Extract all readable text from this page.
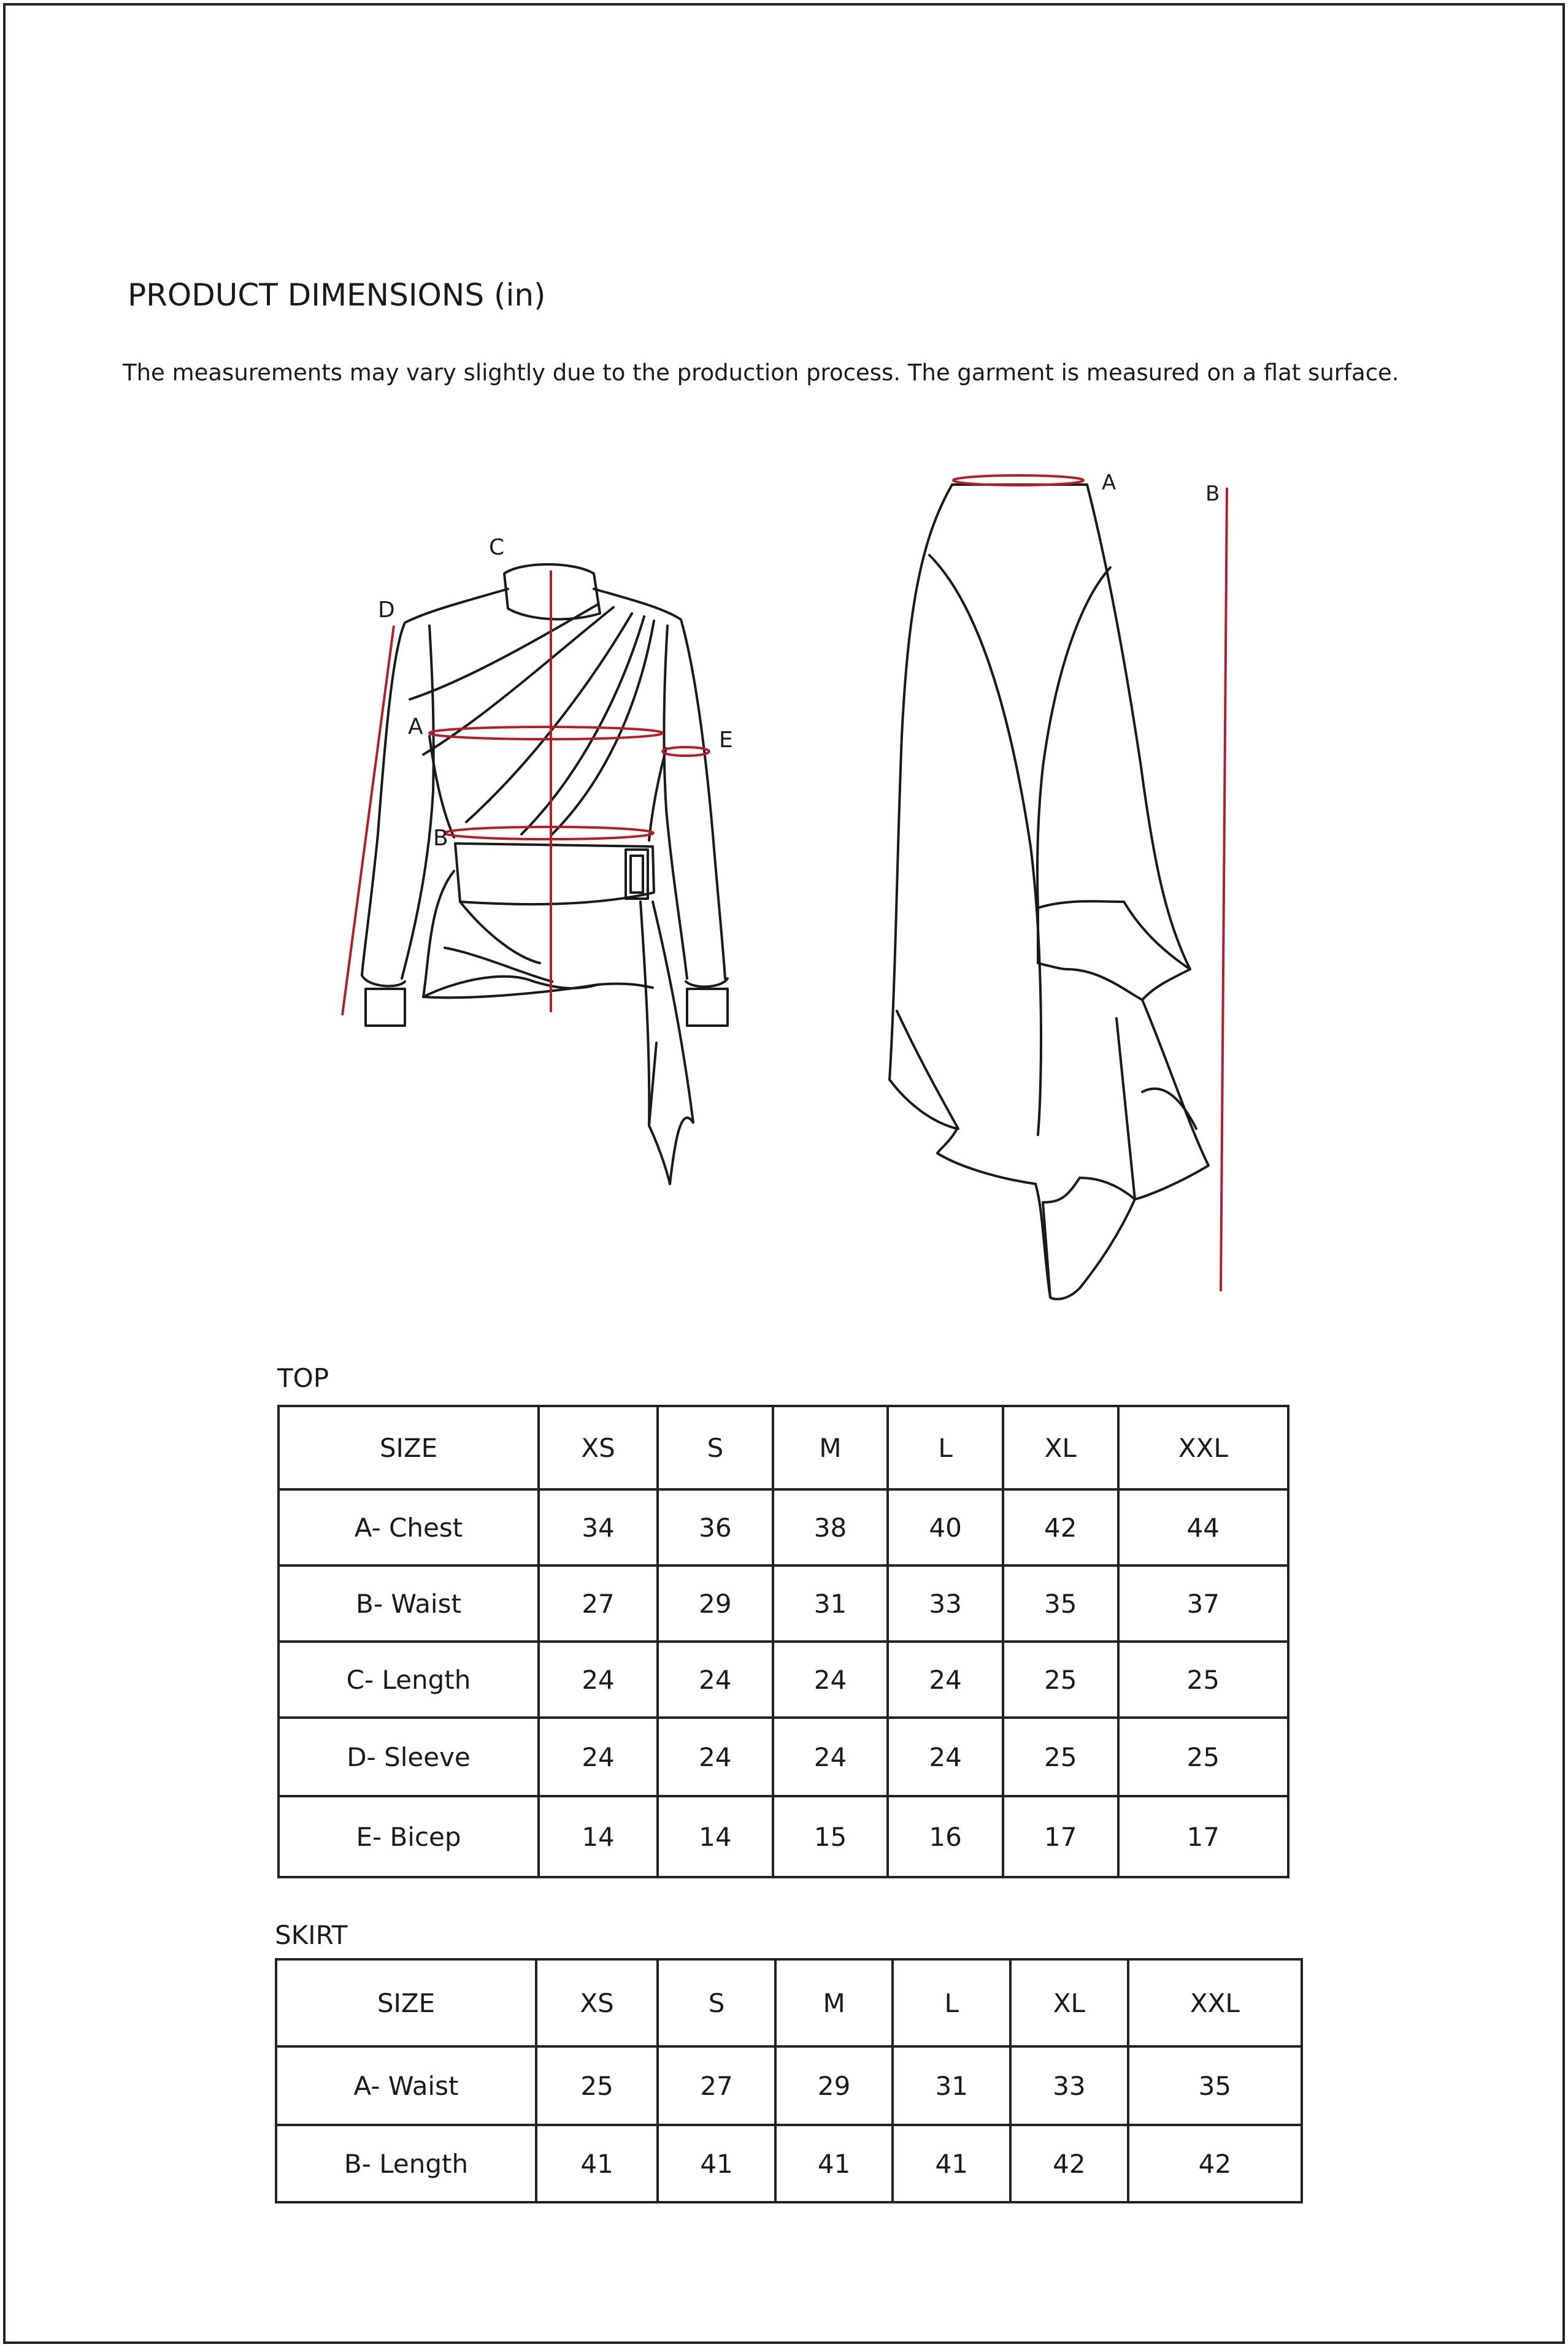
PRODUCT DIMENSIONS (in)

The measurements may vary slightly due to the production process. The garment is measured on a flat surface.

C
D
A
E
B
A	B

TOP

SIZE	XS	S	M	L	XL	XXL
A- Chest	34	36	38	40	42	44
B- Waist	27	29	31	33	35	37
C- Length	24	24	24	24	25	25
D- Sleeve	24	24	24	24	25	25
E- Bicep	14	14	15	16	17	17

SKIRT

SIZE	XS	S	M	L	XL	XXL
A- Waist	25	27	29	31	33	35
B- Length	41	41	41	41	42	42
